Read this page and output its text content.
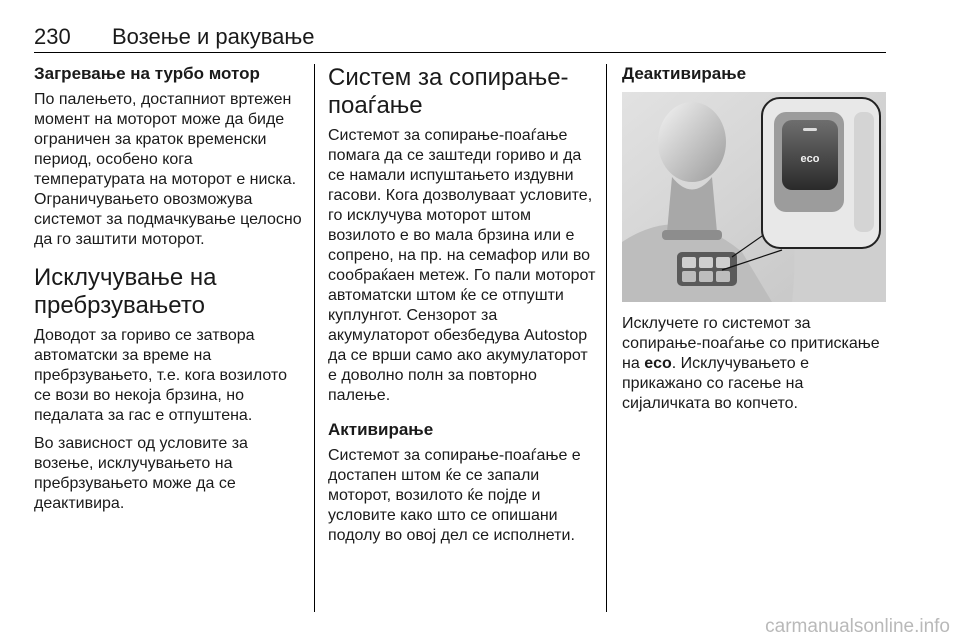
230 Возење и ракување
Загревање на турбо мотор

По палењето, достапниот вртежен момент на моторот може да биде ограничен за краток временски период, особено кога температурата на моторот е ниска. Ограничувањето овозможува системот за подмачкување целосно да го заштити моторот.

Исклучување на пребрзувањето

Доводот за гориво се затвора автоматски за време на пребрзувањето, т.е. кога возилото се вози во некоја брзина, но педалата за гас е отпуштена.

Во зависност од условите за возење, исклучувањето на пребрзувањето може да се деактивира.

Систем за сопирање-поаѓање

Системот за сопирање-поаѓање помага да се заштеди гориво и да се намали испуштањето издувни гасови. Кога дозволуваат условите, го исклучува моторот штом возилото е во мала брзина или е сопрено, на пр. на семафор или во сообраќаен метеж. Го пали моторот автоматски штом ќе се отпушти куплунгот. Сензорот за акумулаторот обезбедува Autostop да се врши само ако акумулаторот е доволно полн за повторно палење.

Активирање

Системот за сопирање-поаѓање е достапен штом ќе се запали моторот, возилото ќе појде и условите како што се опишани подолу во овој дел се исполнети.

Деактивирање
eco

Исклучете го системот за сопирање-поаѓање со притискање на eco. Исклучувањето е прикажано со гасење на сијаличката во копчето.

carmanualsonline.info
